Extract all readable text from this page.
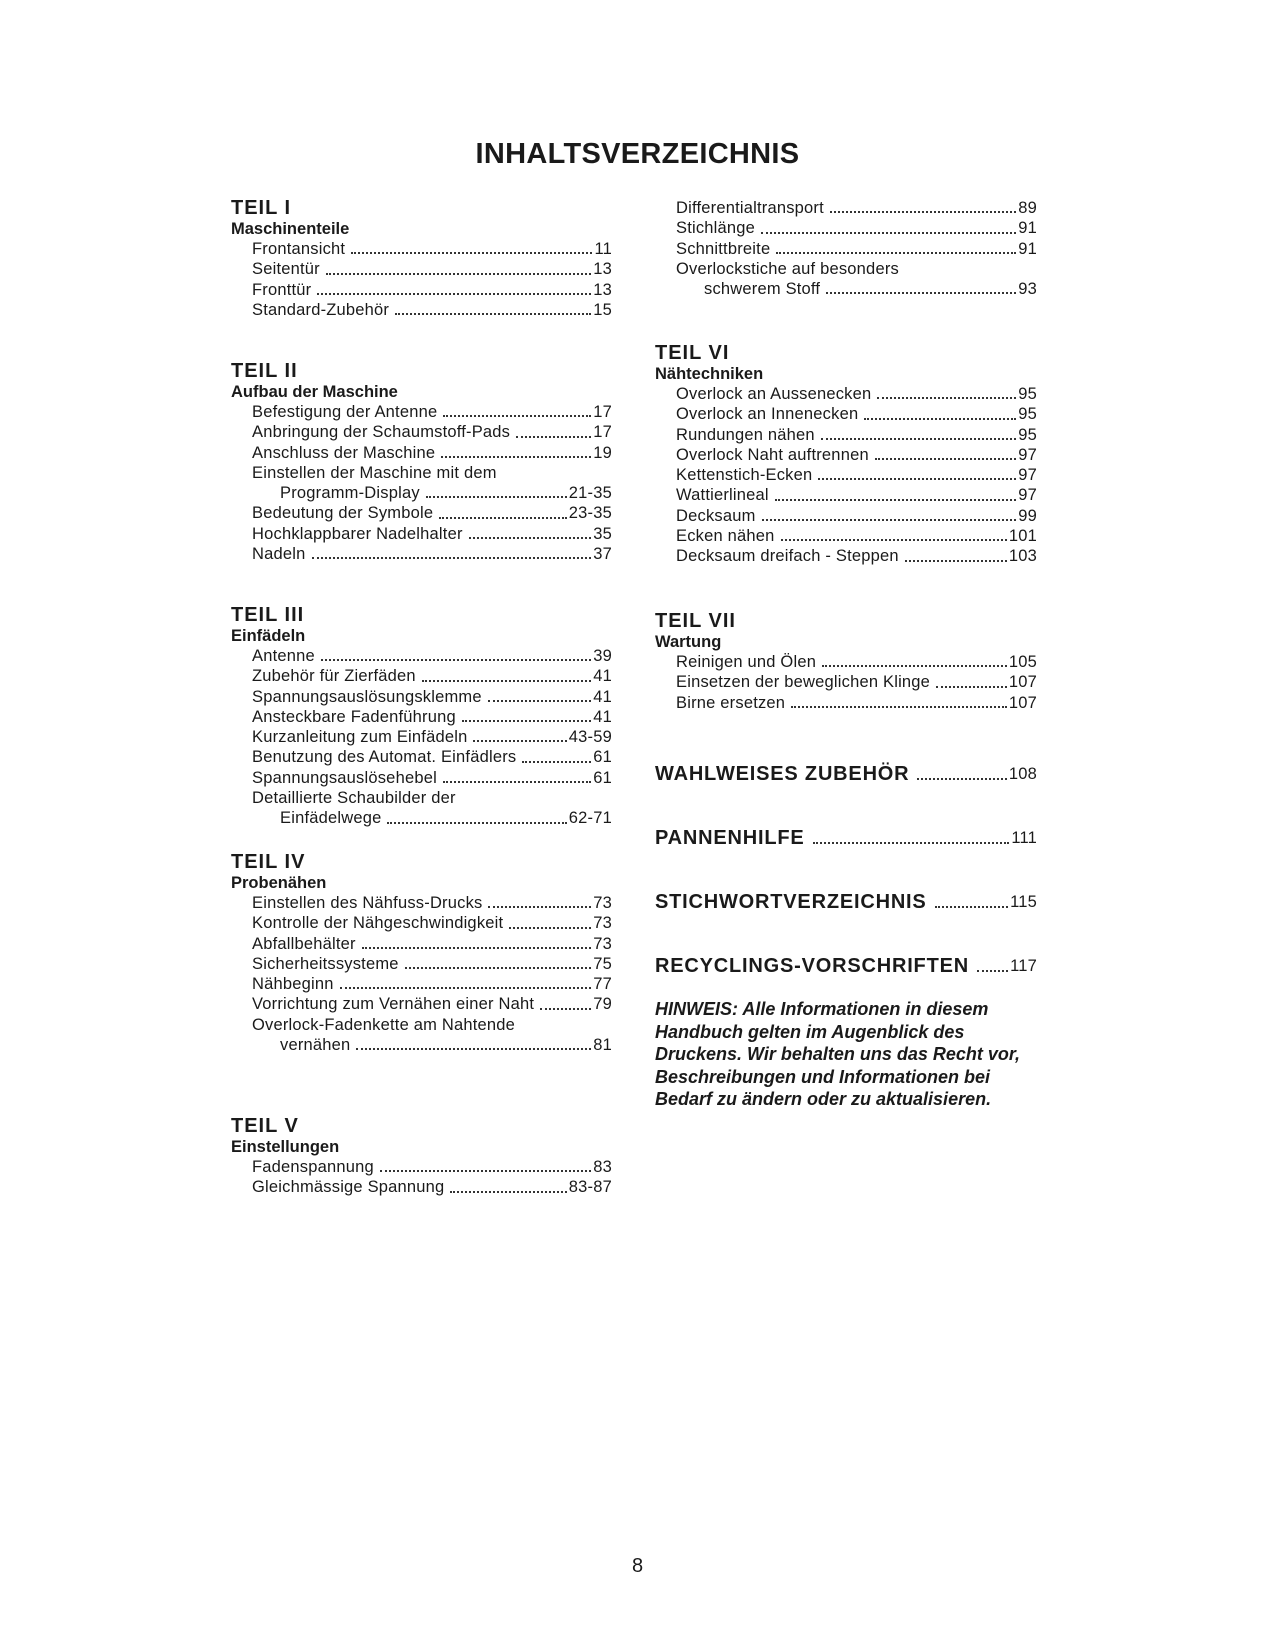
INHALTSVERZEICHNIS
TEIL I
Maschinenteile
Frontansicht	11
Seitentür	13
Fronttür	13
Standard-Zubehör	15
TEIL II
Aufbau der Maschine
Befestigung der Antenne	17
Anbringung der Schaumstoff-Pads	17
Anschluss der Maschine	19
Einstellen der Maschine mit dem
Programm-Display	21-35
Bedeutung der Symbole	23-35
Hochklappbarer Nadelhalter	35
Nadeln	37
TEIL III
Einfädeln
Antenne	39
Zubehör für Zierfäden	41
Spannungsauslösungsklemme	41
Ansteckbare Fadenführung	41
Kurzanleitung zum Einfädeln	43-59
Benutzung des Automat. Einfädlers	61
Spannungsauslösehebel	61
Detaillierte Schaubilder der
Einfädelwege	62-71
TEIL IV
Probenähen
Einstellen des Nähfuss-Drucks	73
Kontrolle der Nähgeschwindigkeit	73
Abfallbehälter	73
Sicherheitssysteme	75
Nähbeginn	77
Vorrichtung zum Vernähen einer Naht	79
Overlock-Fadenkette am Nahtende
vernähen	81
TEIL V
Einstellungen
Fadenspannung	83
Gleichmässige Spannung	83-87
Differentialtransport	89
Stichlänge	91
Schnittbreite	91
Overlockstiche auf besonders
schwerem Stoff	93
TEIL VI
Nähtechniken
Overlock an Aussenecken	95
Overlock an Innenecken	95
Rundungen nähen	95
Overlock Naht auftrennen	97
Kettenstich-Ecken	97
Wattierlineal	97
Decksaum	99
Ecken nähen	101
Decksaum dreifach - Steppen	103
TEIL VII
Wartung
Reinigen und Ölen	105
Einsetzen der beweglichen Klinge	107
Birne ersetzen	107
WAHLWEISES ZUBEHÖR	108
PANNENHILFE	111
STICHWORTVERZEICHNIS	115
RECYCLINGS-VORSCHRIFTEN 117
HINWEIS: Alle Informationen in diesem
Handbuch gelten im Augenblick des
Druckens. Wir behalten uns das Recht vor,
Beschreibungen und Informationen bei
Bedarf zu ändern oder zu aktualisieren.
8
